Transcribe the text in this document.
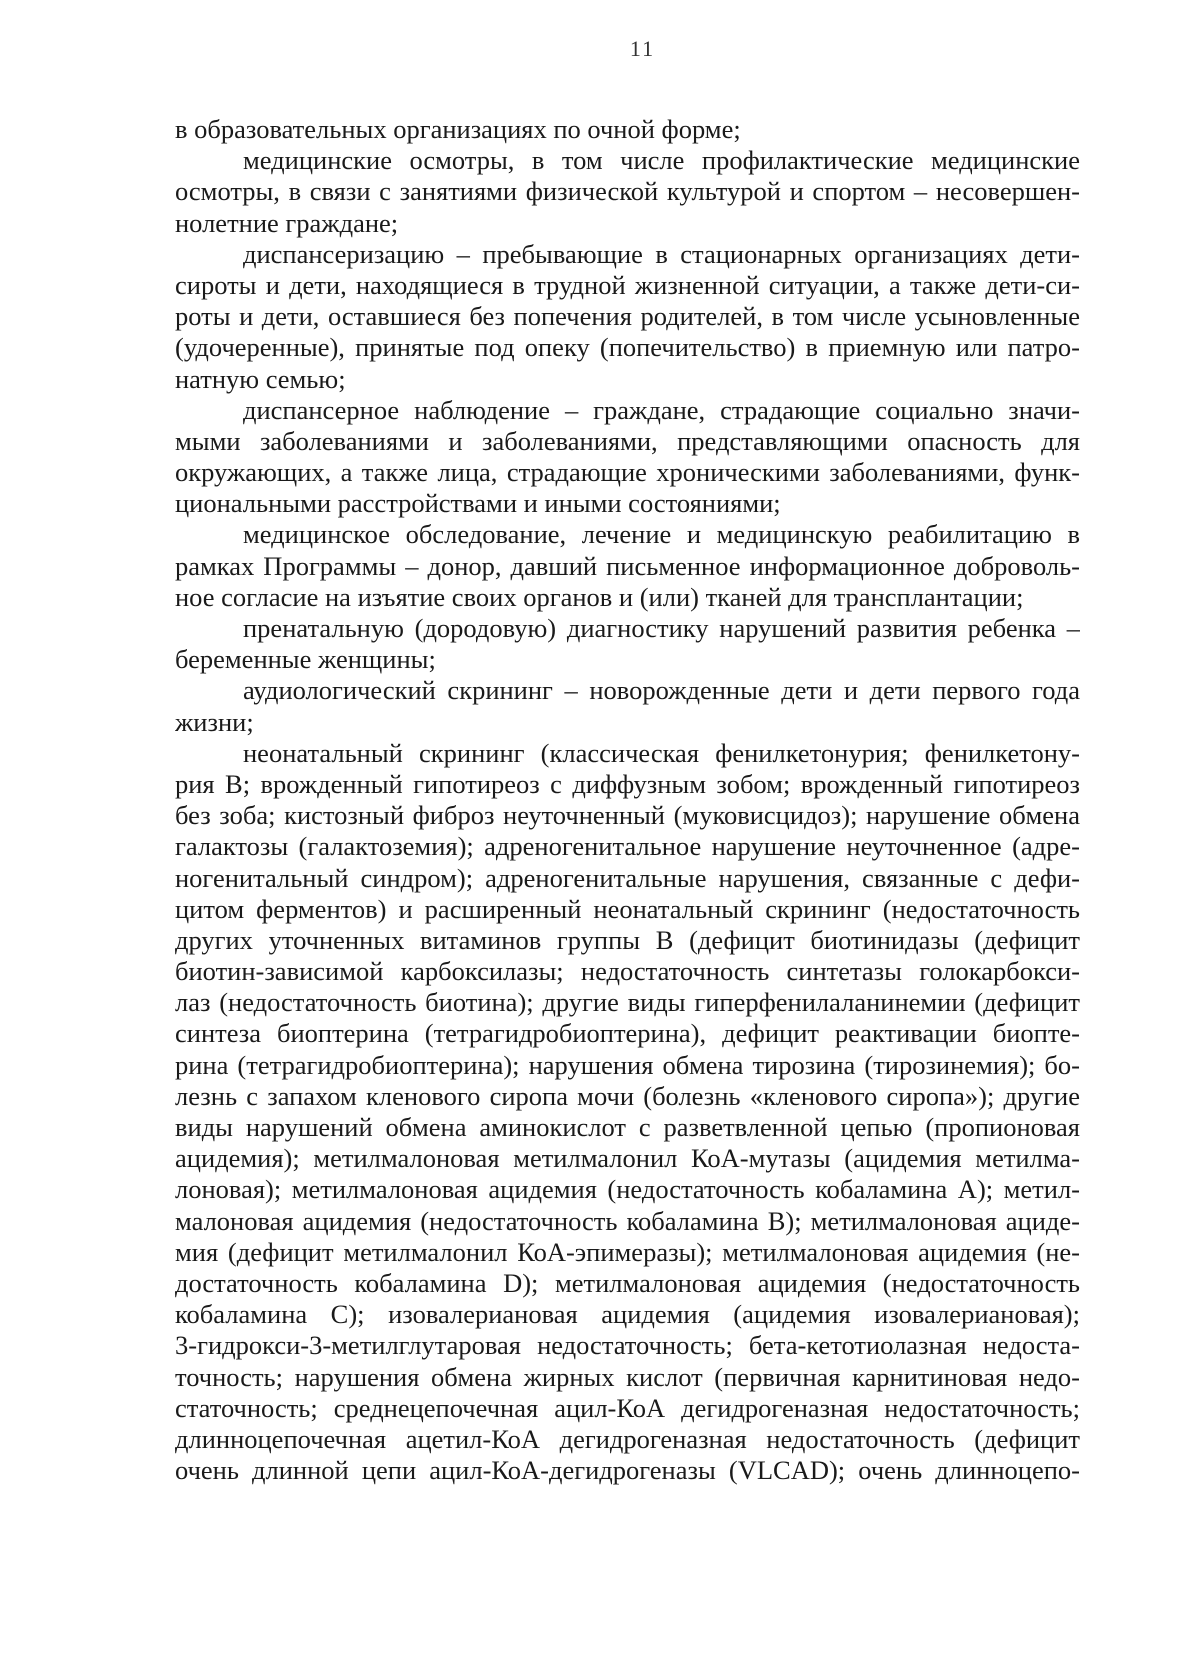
11
в образовательных организациях по очной форме;
медицинские осмотры, в том числе профилактические медицинские
осмотры, в связи с занятиями физической культурой и спортом – несовершен-
нолетние граждане;
диспансеризацию – пребывающие в стационарных организациях дети-
сироты и дети, находящиеся в трудной жизненной ситуации, а также дети-си-
роты и дети, оставшиеся без попечения родителей, в том числе усыновленные
(удочеренные), принятые под опеку (попечительство) в приемную или патро-
натную семью;
диспансерное наблюдение – граждане, страдающие социально значи-
мыми заболеваниями и заболеваниями, представляющими опасность для
окружающих, а также лица, страдающие хроническими заболеваниями, функ-
циональными расстройствами и иными состояниями;
медицинское обследование, лечение и медицинскую реабилитацию в
рамках Программы – донор, давший письменное информационное доброволь-
ное согласие на изъятие своих органов и (или) тканей для трансплантации;
пренатальную (дородовую) диагностику нарушений развития ребенка –
беременные женщины;
аудиологический скрининг – новорожденные дети и дети первого года
жизни;
неонатальный скрининг (классическая фенилкетонурия; фенилкетону-
рия B; врожденный гипотиреоз с диффузным зобом; врожденный гипотиреоз
без зоба; кистозный фиброз неуточненный (муковисцидоз); нарушение обмена
галактозы (галактоземия); адреногенитальное нарушение неуточненное (адре-
ногенитальный синдром); адреногенитальные нарушения, связанные с дефи-
цитом ферментов) и расширенный неонатальный скрининг (недостаточность
других уточненных витаминов группы B (дефицит биотинидазы (дефицит
биотин-зависимой карбоксилазы; недостаточность синтетазы голокарбокси-
лаз (недостаточность биотина); другие виды гиперфенилаланинемии (дефицит
синтеза биоптерина (тетрагидробиоптерина), дефицит реактивации биопте-
рина (тетрагидробиоптерина); нарушения обмена тирозина (тирозинемия); бо-
лезнь с запахом кленового сиропа мочи (болезнь «кленового сиропа»); другие
виды нарушений обмена аминокислот с разветвленной цепью (пропионовая
ацидемия); метилмалоновая метилмалонил КоА-мутазы (ацидемия метилма-
лоновая); метилмалоновая ацидемия (недостаточность кобаламина A); метил-
малоновая ацидемия (недостаточность кобаламина B); метилмалоновая ациде-
мия (дефицит метилмалонил КоА-эпимеразы); метилмалоновая ацидемия (не-
достаточность кобаламина D); метилмалоновая ацидемия (недостаточность
кобаламина C); изовалериановая ацидемия (ацидемия изовалериановая);
3-гидрокси-3-метилглутаровая недостаточность; бета-кетотиолазная недоста-
точность; нарушения обмена жирных кислот (первичная карнитиновая недо-
статочность; среднецепочечная ацил-КоА дегидрогеназная недостаточность;
длинноцепочечная ацетил-КоА дегидрогеназная недостаточность (дефицит
очень длинной цепи ацил-КоА-дегидрогеназы (VLCAD); очень длинноцепо-
